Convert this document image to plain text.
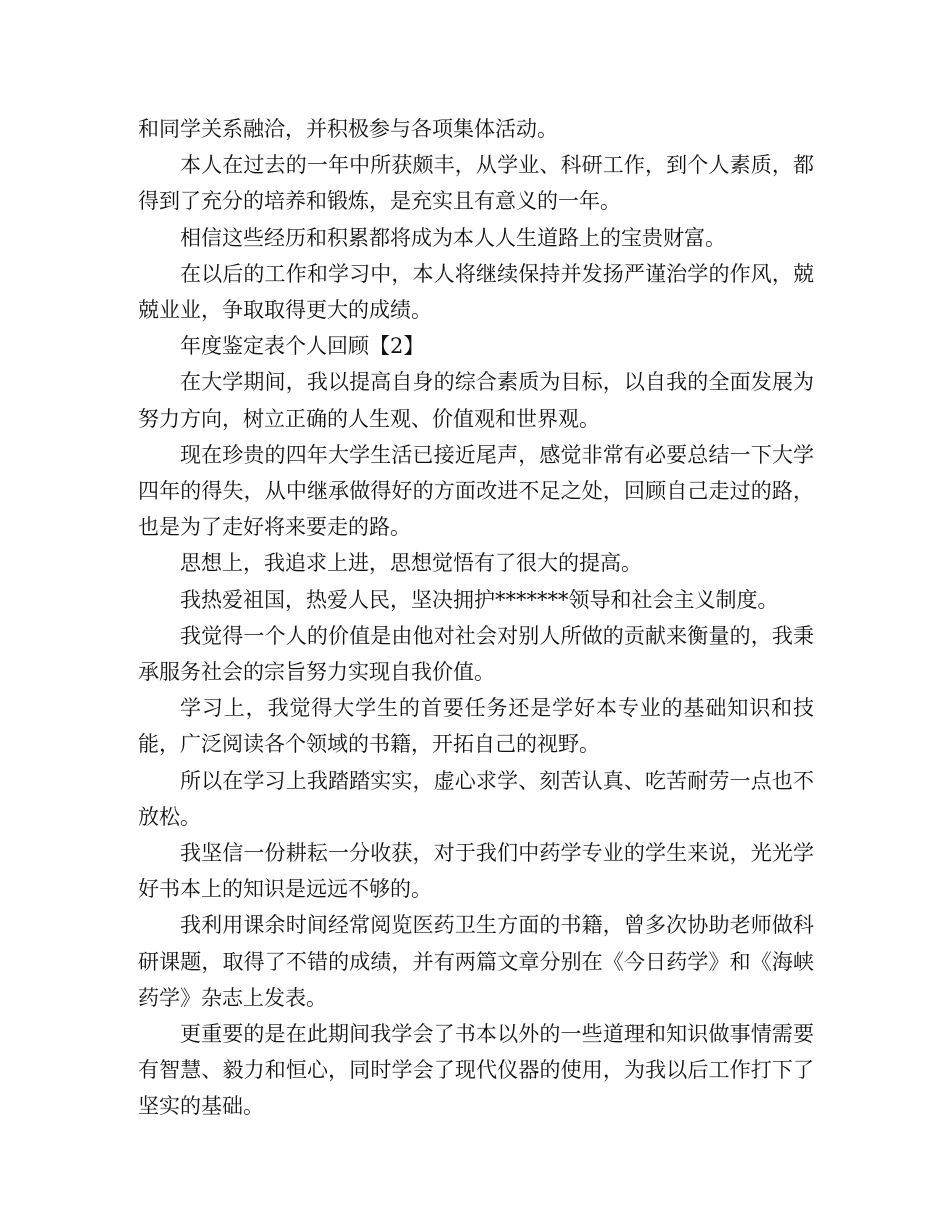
和同学关系融洽，并积极参与各项集体活动。

本人在过去的一年中所获颇丰，从学业、科研工作，到个人素质，都得到了充分的培养和锻炼，是充实且有意义的一年。

相信这些经历和积累都将成为本人人生道路上的宝贵财富。

在以后的工作和学习中，本人将继续保持并发扬严谨治学的作风，兢兢业业，争取取得更大的成绩。

年度鉴定表个人回顾【2】

在大学期间，我以提高自身的综合素质为目标，以自我的全面发展为努力方向，树立正确的人生观、价值观和世界观。

现在珍贵的四年大学生活已接近尾声，感觉非常有必要总结一下大学四年的得失，从中继承做得好的方面改进不足之处，回顾自己走过的路，也是为了走好将来要走的路。

思想上，我追求上进，思想觉悟有了很大的提高。

我热爱祖国，热爱人民，坚决拥护*******领导和社会主义制度。

我觉得一个人的价值是由他对社会对别人所做的贡献来衡量的，我秉承服务社会的宗旨努力实现自我价值。

学习上，我觉得大学生的首要任务还是学好本专业的基础知识和技能，广泛阅读各个领域的书籍，开拓自己的视野。

所以在学习上我踏踏实实，虚心求学、刻苦认真、吃苦耐劳一点也不放松。

我坚信一份耕耘一分收获，对于我们中药学专业的学生来说，光光学好书本上的知识是远远不够的。

我利用课余时间经常阅览医药卫生方面的书籍，曾多次协助老师做科研课题，取得了不错的成绩，并有两篇文章分别在《今日药学》和《海峡药学》杂志上发表。

更重要的是在此期间我学会了书本以外的一些道理和知识做事情需要有智慧、毅力和恒心，同时学会了现代仪器的使用，为我以后工作打下了坚实的基础。
